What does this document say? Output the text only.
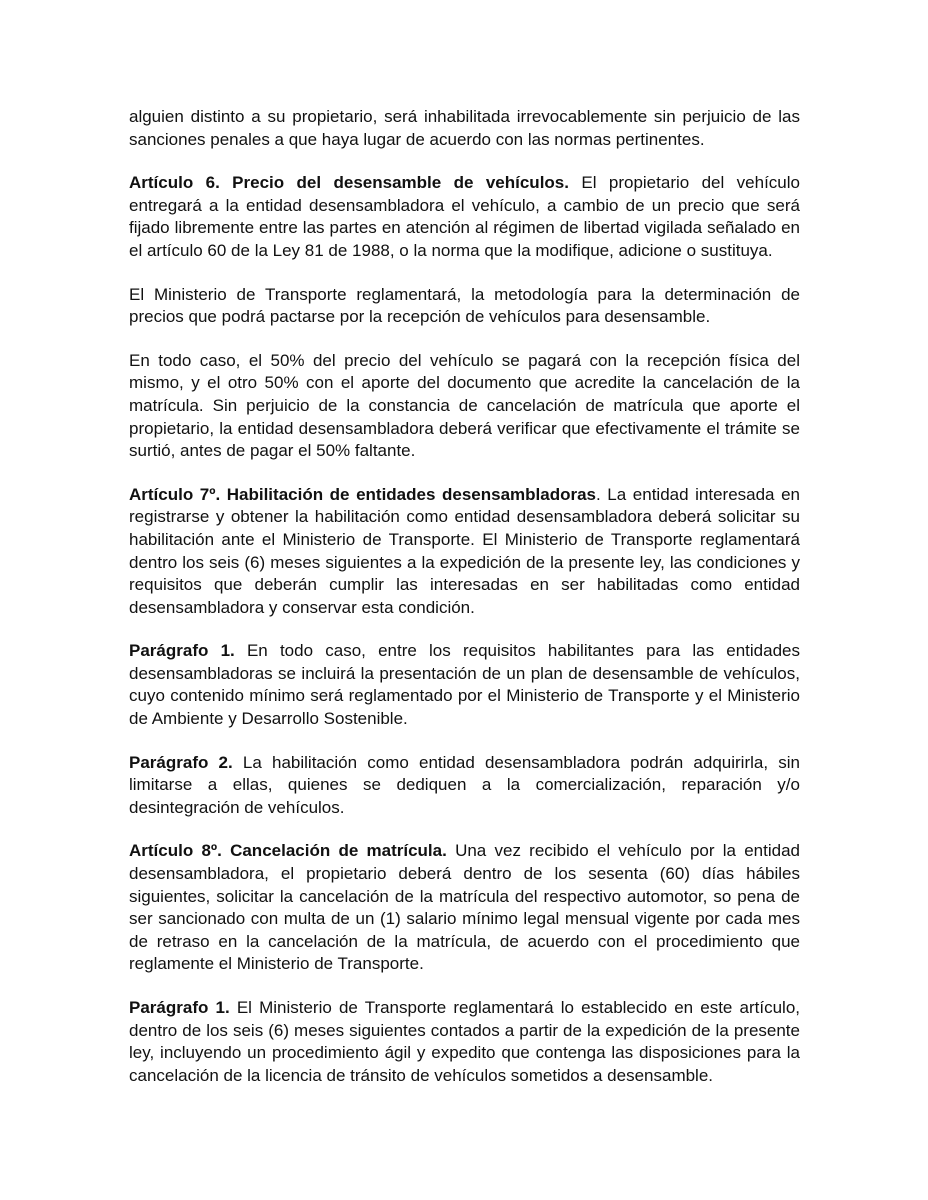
alguien distinto a su propietario, será inhabilitada irrevocablemente sin perjuicio de las sanciones penales a que haya lugar de acuerdo con las normas pertinentes.

Artículo 6. Precio del desensamble de vehículos. El propietario del vehículo entregará a la entidad desensambladora el vehículo, a cambio de un precio que será fijado libremente entre las partes en atención al régimen de libertad vigilada señalado en el artículo 60 de la Ley 81 de 1988, o la norma que la modifique, adicione o sustituya.

El Ministerio de Transporte reglamentará, la metodología para la determinación de precios que podrá pactarse por la recepción de vehículos para desensamble.

En todo caso, el 50% del precio del vehículo se pagará con la recepción física del mismo, y el otro 50% con el aporte del documento que acredite la cancelación de la matrícula. Sin perjuicio de la constancia de cancelación de matrícula que aporte el propietario, la entidad desensambladora deberá verificar que efectivamente el trámite se surtió, antes de pagar el 50% faltante.

Artículo 7º. Habilitación de entidades desensambladoras. La entidad interesada en registrarse y obtener la habilitación como entidad desensambladora deberá solicitar su habilitación ante el Ministerio de Transporte. El Ministerio de Transporte reglamentará dentro los seis (6) meses siguientes a la expedición de la presente ley, las condiciones y requisitos que deberán cumplir las interesadas en ser habilitadas como entidad desensambladora y conservar esta condición.

Parágrafo 1. En todo caso, entre los requisitos habilitantes para las entidades desensambladoras se incluirá la presentación de un plan de desensamble de vehículos, cuyo contenido mínimo será reglamentado por el Ministerio de Transporte y el Ministerio de Ambiente y Desarrollo Sostenible.

Parágrafo 2. La habilitación como entidad desensambladora podrán adquirirla, sin limitarse a ellas, quienes se dediquen a la comercialización, reparación y/o desintegración de vehículos.

Artículo 8º. Cancelación de matrícula. Una vez recibido el vehículo por la entidad desensambladora, el propietario deberá dentro de los sesenta (60) días hábiles siguientes, solicitar la cancelación de la matrícula del respectivo automotor, so pena de ser sancionado con multa de un (1) salario mínimo legal mensual vigente por cada mes de retraso en la cancelación de la matrícula, de acuerdo con el procedimiento que reglamente el Ministerio de Transporte.

Parágrafo 1. El Ministerio de Transporte reglamentará lo establecido en este artículo, dentro de los seis (6) meses siguientes contados a partir de la expedición de la presente ley, incluyendo un procedimiento ágil y expedito que contenga las disposiciones para la cancelación de la licencia de tránsito de vehículos sometidos a desensamble.
